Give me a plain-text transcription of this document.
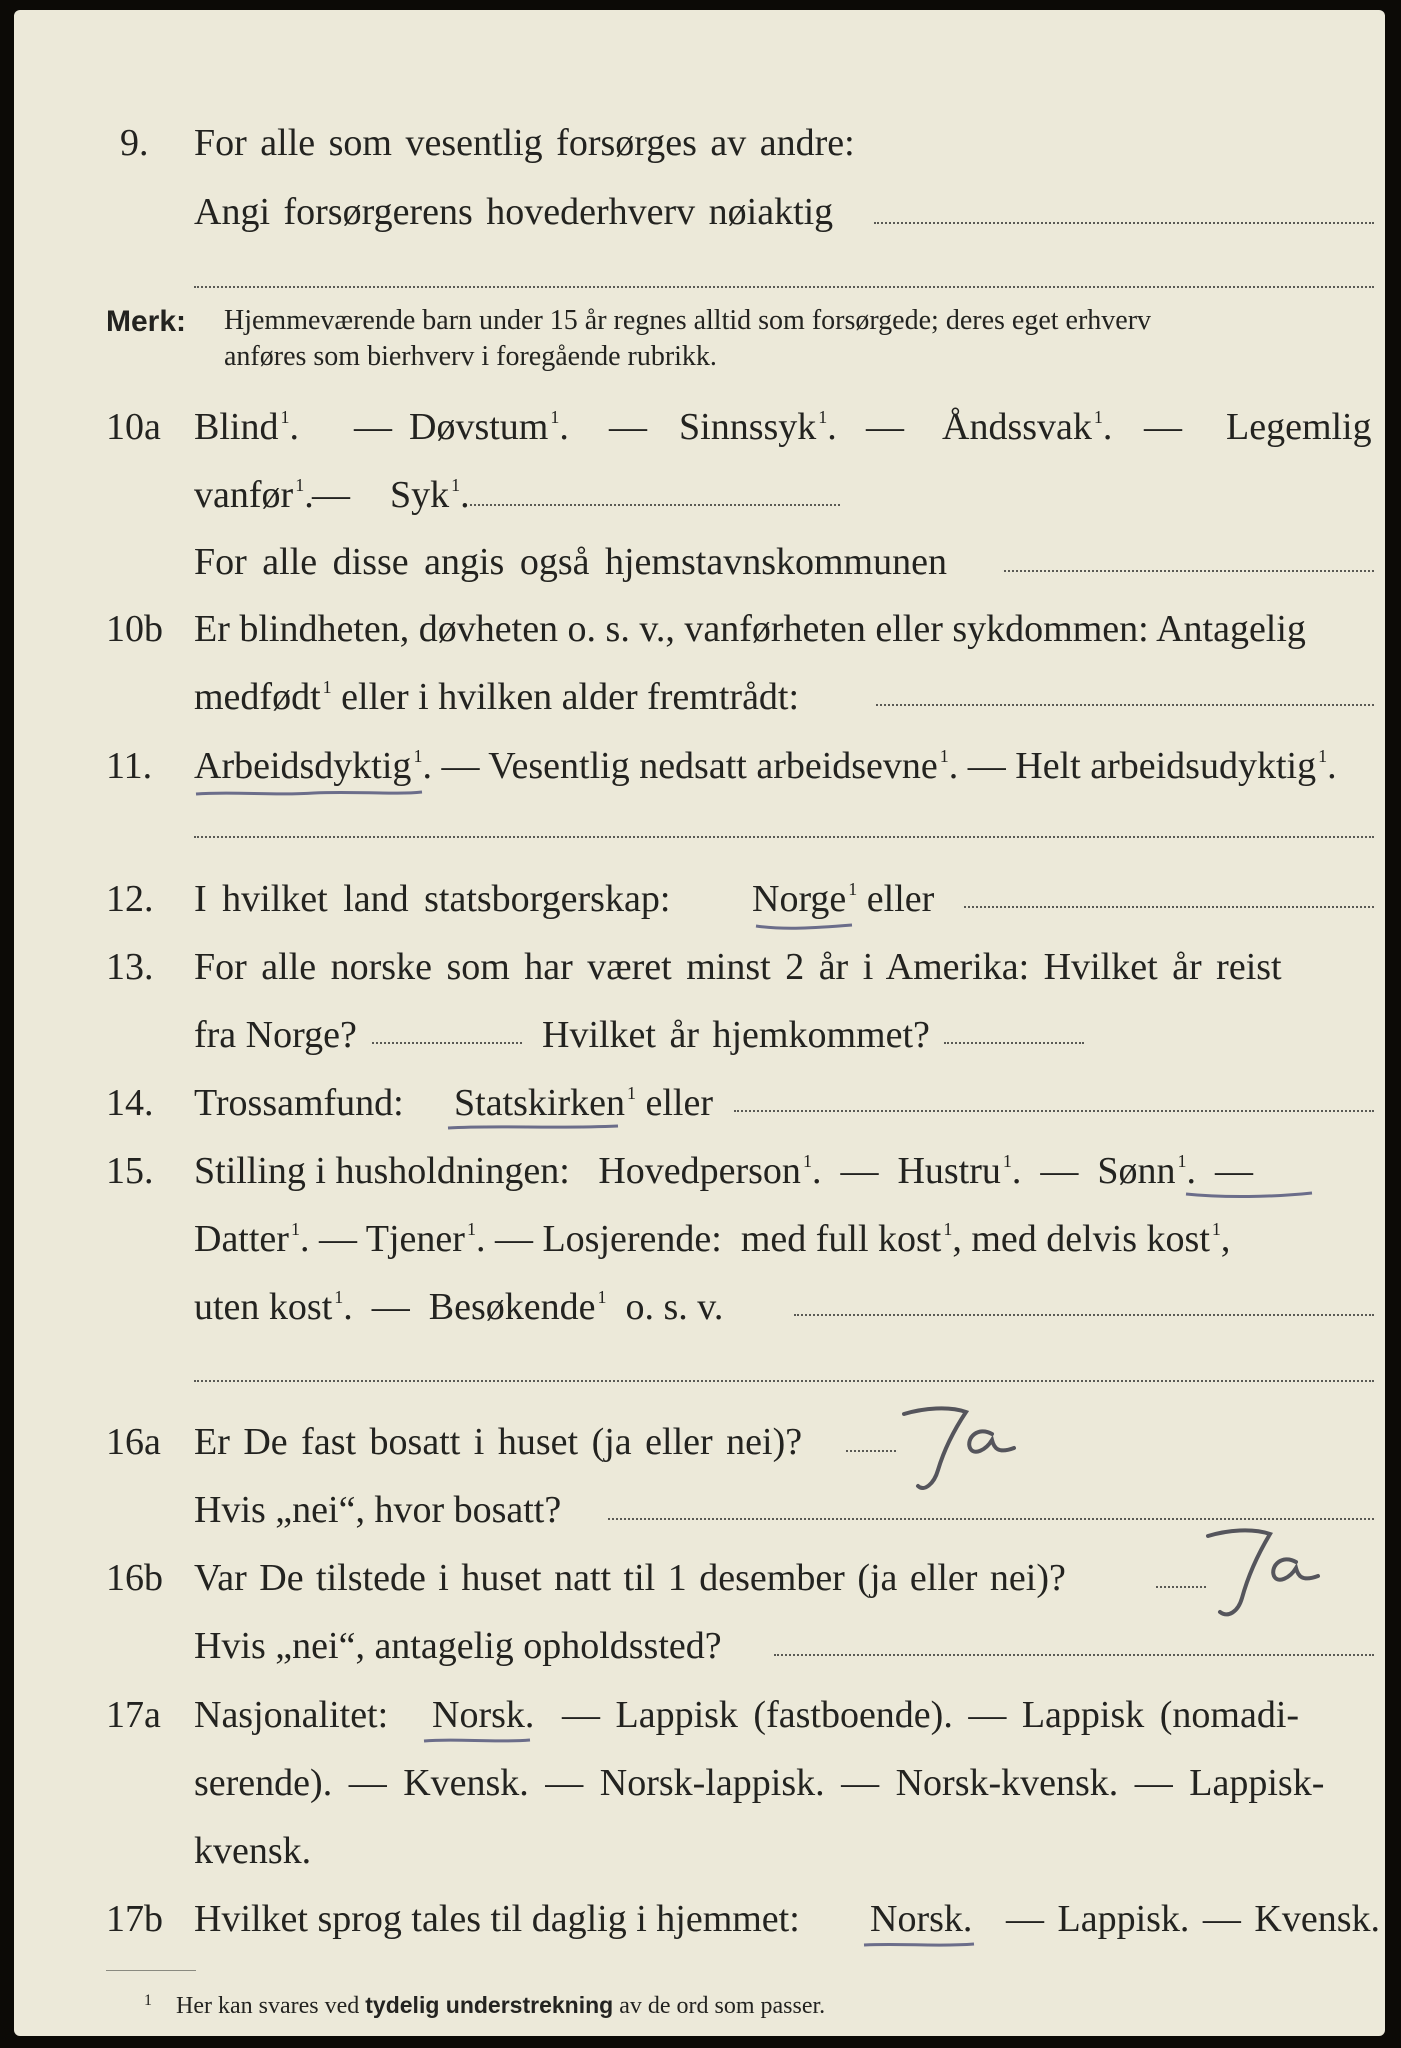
9. For alle som vesentlig forsørges av andre:
Angi forsørgerens hovederhverv nøiaktig
Merk: Hjemmeværende barn under 15 år regnes alltid som forsørgede; deres eget erhverv
anføres som bierhverv i foregående rubrikk.
10a Blind $^1$. — Døvstum $^1$. — Sinnssyk $^1$. — Åndssvak $^1$. — Legemlig
vanfør $^1$.
— Syk $^1$.
For alle disse angis også hjemstavnskommunen
10b Er blindheten, døvheten o. s. v., vanførheten eller sykdommen: Antagelig
medfødt $^1$ eller i hvilken alder fremtrådt:
11. Arbeidsdyktig $^1$. — Vesentlig nedsatt arbeidsevne $^1$. — Helt arbeidsudyktig $^1$.
12. I hvilket land statsborgerskap: Norge $^1$ eller
13. For alle norske som har været minst 2 år i Amerika: Hvilket år reist
fra Norge?	Hvilket år hjemkommet?
14. Trossamfund: Statskirken $^1$ eller
15. Stilling i husholdningen: Hovedperson $^1$. — Hustru $^1$. — Sønn $^1$. —
Datter $^1$. — Tjener $^1$. — Losjerende: med full kost $^1$, med delvis kost $^1$,
uten kost $^1$. — Besøkende $^1$ o. s. v.
16a Er De fast bosatt i huset (ja eller nei)?
Hvis „nei“, hvor bosatt?
16b Var De tilstede i huset natt til 1 desember (ja eller nei)?
Hvis „nei“, antagelig opholdssted?
17a Nasjonalitet: Norsk. — Lappisk (fastboende). — Lappisk (nomadi-
serende). — Kvensk. — Norsk-lappisk. — Norsk-kvensk. — Lappisk-
kvensk.
17b Hvilket sprog tales til daglig i hjemmet: Norsk. — Lappisk. — Kvensk.
$^1$ Her kan svares ved tydelig understrekning av de ord som passer.
